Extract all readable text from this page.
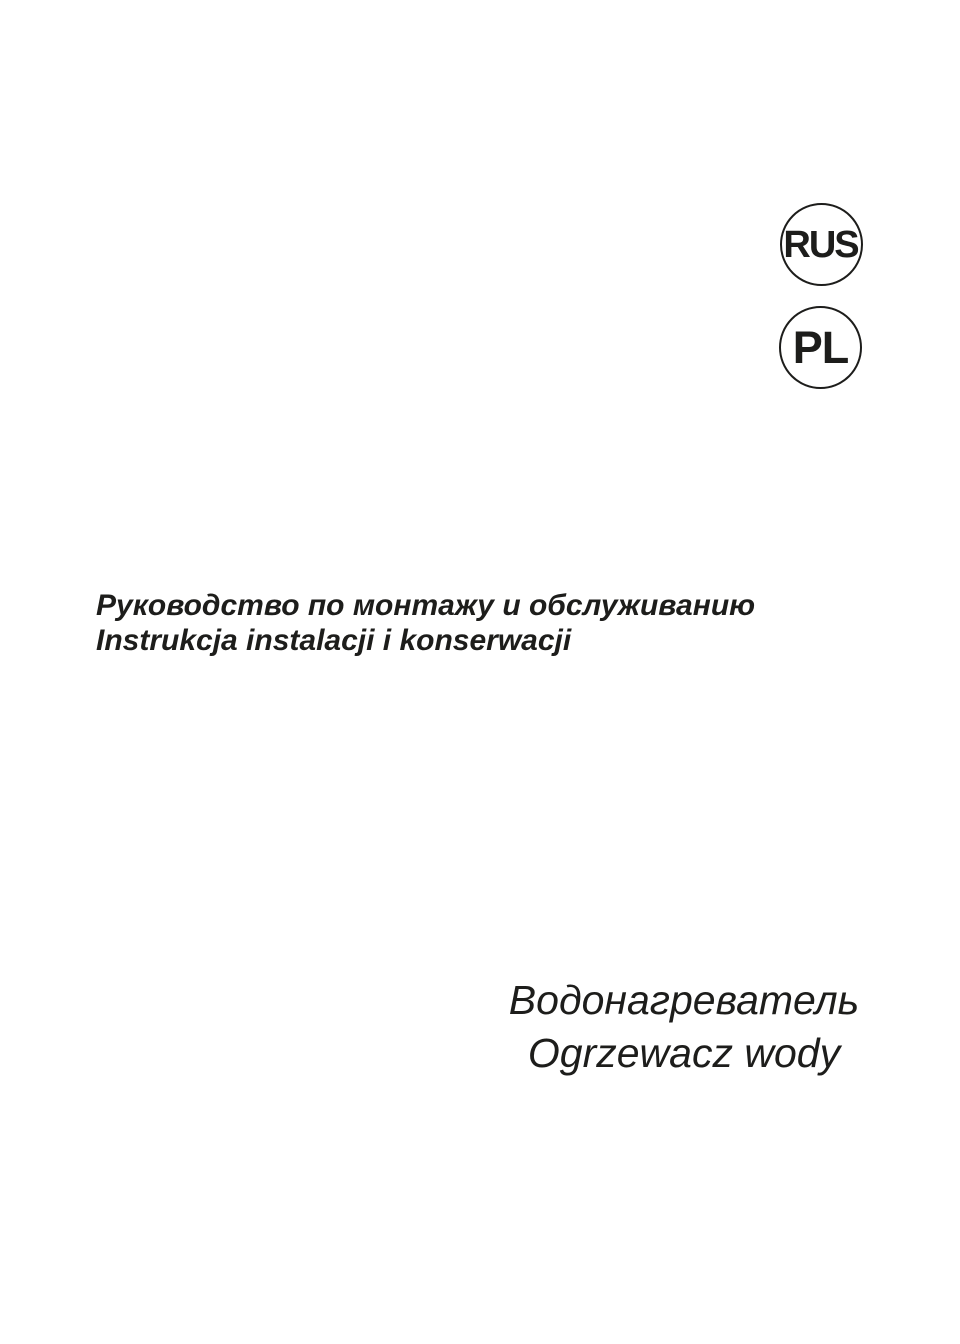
RUS
PL
Руководство по монтажу и обслуживанию
Instrukcja instalacji i konserwacji
Водонагреватель
Ogrzewacz wody
